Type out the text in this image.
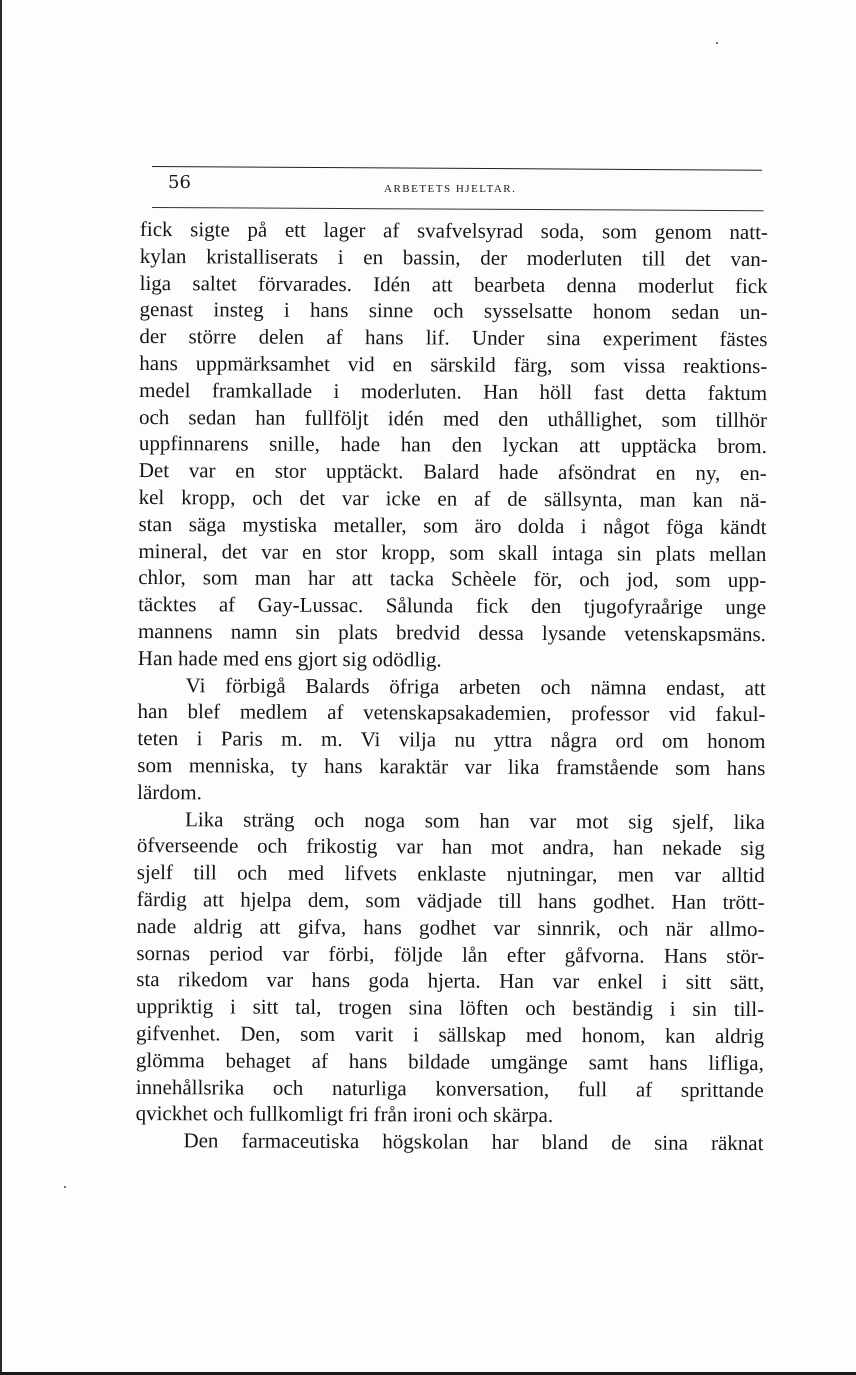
56	ARBETETS HJELTAR.
fick sigte på ett lager af svafvelsyrad soda, som genom natt-
kylan kristalliserats i en bassin, der moderluten till det van-
liga saltet förvarades. Idén att bearbeta denna moderlut fick
genast insteg i hans sinne och sysselsatte honom sedan un-
der större delen af hans lif. Under sina experiment fästes
hans uppmärksamhet vid en särskild färg, som vissa reaktions-
medel framkallade i moderluten. Han höll fast detta faktum
och sedan han fullföljt idén med den uthållighet, som tillhör
uppfinnarens snille, hade han den lyckan att upptäcka brom.
Det var en stor upptäckt. Balard hade afsöndrat en ny, en-
kel kropp, och det var icke en af de sällsynta, man kan nä-
stan säga mystiska metaller, som äro dolda i något föga kändt
mineral, det var en stor kropp, som skall intaga sin plats mellan
chlor, som man har att tacka Schèele för, och jod, som upp-
täcktes af Gay-Lussac. Sålunda fick den tjugofyraårige unge
mannens namn sin plats bredvid dessa lysande vetenskapsmäns.
Han hade med ens gjort sig odödlig.
Vi förbigå Balards öfriga arbeten och nämna endast, att
han blef medlem af vetenskapsakademien, professor vid fakul-
teten i Paris m. m. Vi vilja nu yttra några ord om honom
som menniska, ty hans karaktär var lika framstående som hans
lärdom.
Lika sträng och noga som han var mot sig sjelf, lika
öfverseende och frikostig var han mot andra, han nekade sig
sjelf till och med lifvets enklaste njutningar, men var alltid
färdig att hjelpa dem, som vädjade till hans godhet. Han trött-
nade aldrig att gifva, hans godhet var sinnrik, och när allmo-
sornas period var förbi, följde lån efter gåfvorna. Hans stör-
sta rikedom var hans goda hjerta. Han var enkel i sitt sätt,
uppriktig i sitt tal, trogen sina löften och beständig i sin till-
gifvenhet. Den, som varit i sällskap med honom, kan aldrig
glömma behaget af hans bildade umgänge samt hans lifliga,
innehållsrika och naturliga konversation, full af sprittande
qvickhet och fullkomligt fri från ironi och skärpa.
Den farmaceutiska högskolan har bland de sina räknat
